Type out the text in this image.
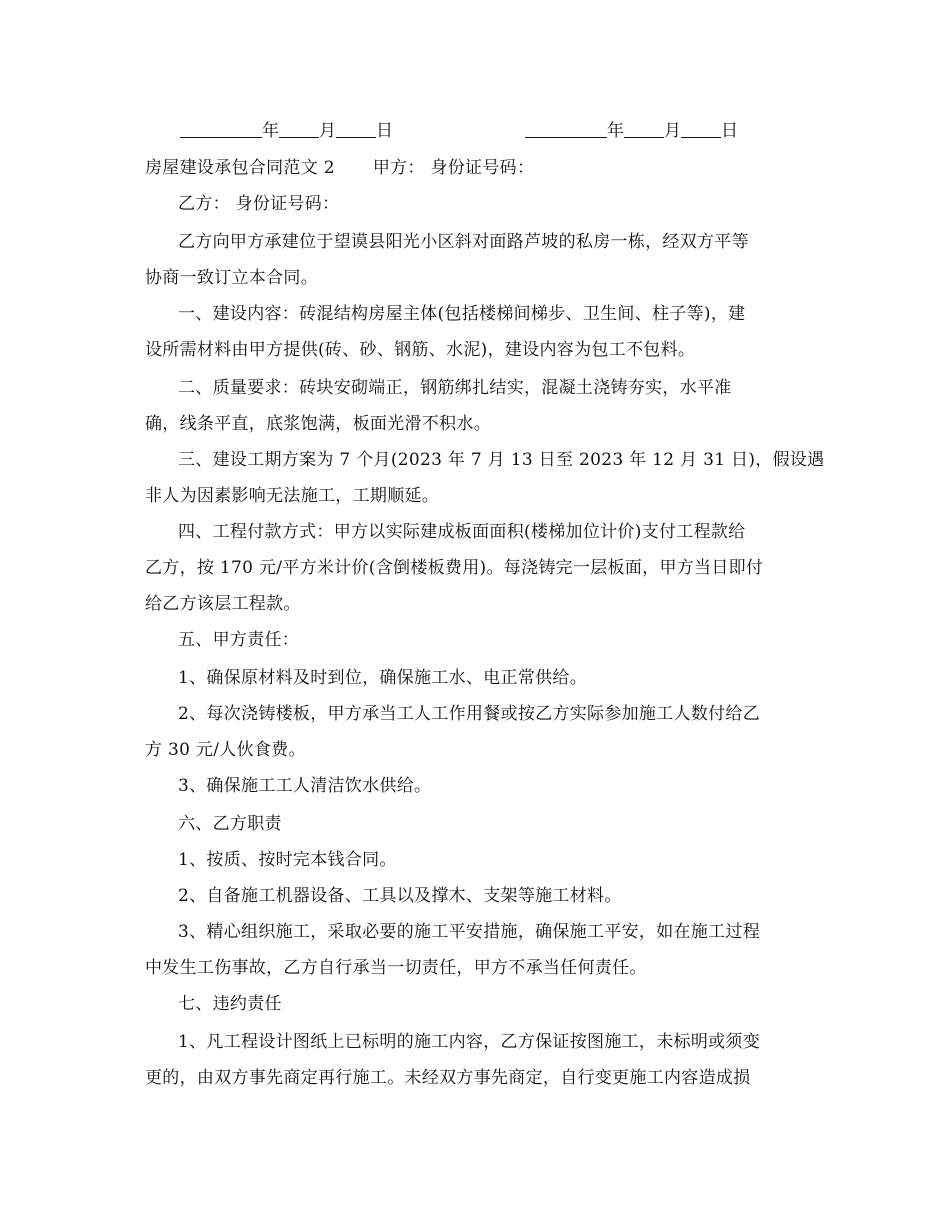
年 月 日	年 月 日
房屋建设承包合同范文 2 甲方： 身份证号码：
乙方： 身份证号码：
乙方向甲方承建位于望谟县阳光小区斜对面路芦坡的私房一栋，经双方平等
协商一致订立本合同。
一、建设内容：砖混结构房屋主体(包括楼梯间梯步、卫生间、柱子等)，建
设所需材料由甲方提供(砖、砂、钢筋、水泥)，建设内容为包工不包料。
二、质量要求：砖块安砌端正，钢筋绑扎结实，混凝土浇铸夯实，水平准
确，线条平直，底浆饱满，板面光滑不积水。
三、建设工期方案为 7 个月(2023 年 7 月 13 日至 2023 年 12 月 31 日)，假设遇
非人为因素影响无法施工，工期顺延。
四、工程付款方式：甲方以实际建成板面面积(楼梯加位计价)支付工程款给
乙方，按 170 元/平方米计价(含倒楼板费用)。每浇铸完一层板面，甲方当日即付
给乙方该层工程款。
五、甲方责任：
1、确保原材料及时到位，确保施工水、电正常供给。
2、每次浇铸楼板，甲方承当工人工作用餐或按乙方实际参加施工人数付给乙
方 30 元/人伙食费。
3、确保施工工人清洁饮水供给。
六、乙方职责
1、按质、按时完本钱合同。
2、自备施工机器设备、工具以及撑木、支架等施工材料。
3、精心组织施工，采取必要的施工平安措施，确保施工平安，如在施工过程
中发生工伤事故，乙方自行承当一切责任，甲方不承当任何责任。
七、违约责任
1、凡工程设计图纸上已标明的施工内容，乙方保证按图施工，未标明或须变
更的，由双方事先商定再行施工。未经双方事先商定，自行变更施工内容造成损
